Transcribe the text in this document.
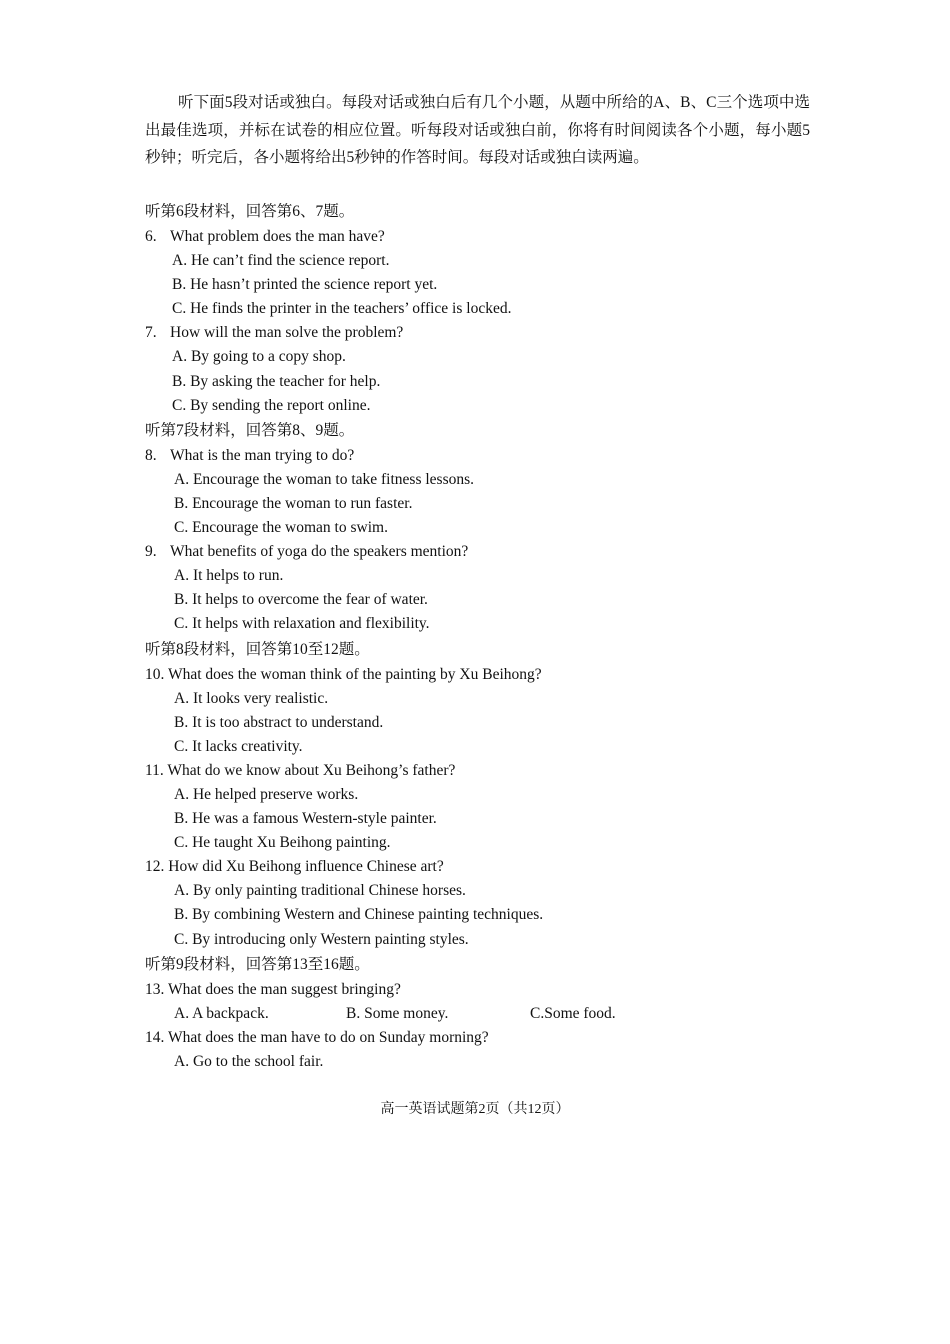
听下面5段对话或独白。每段对话或独白后有几个小题，从题中所给的A、B、C三个选项中选出最佳选项，并标在试卷的相应位置。听每段对话或独白前，你将有时间阅读各个小题，每小题5秒钟；听完后，各小题将给出5秒钟的作答时间。每段对话或独白读两遍。
听第6段材料，回答第6、7题。
6. What problem does the man have?
A. He can’t find the science report.
B. He hasn’t printed the science report yet.
C. He finds the printer in the teachers’ office is locked.
7. How will the man solve the problem?
A. By going to a copy shop.
B. By asking the teacher for help.
C. By sending the report online.
听第7段材料，回答第8、9题。
8. What is the man trying to do?
A. Encourage the woman to take fitness lessons.
B. Encourage the woman to run faster.
C. Encourage the woman to swim.
9. What benefits of yoga do the speakers mention?
A. It helps to run.
B. It helps to overcome the fear of water.
C. It helps with relaxation and flexibility.
听第8段材料，回答第10至12题。
10. What does the woman think of the painting by Xu Beihong?
A. It looks very realistic.
B. It is too abstract to understand.
C. It lacks creativity.
11. What do we know about Xu Beihong’s father?
A. He helped preserve works.
B. He was a famous Western-style painter.
C. He taught Xu Beihong painting.
12. How did Xu Beihong influence Chinese art?
A. By only painting traditional Chinese horses.
B. By combining Western and Chinese painting techniques.
C. By introducing only Western painting styles.
听第9段材料，回答第13至16题。
13. What does the man suggest bringing?
A. A backpack.	B. Some money.	C.Some food.
14. What does the man have to do on Sunday morning?
A. Go to the school fair.
高一英语试题第2页（共12页）
